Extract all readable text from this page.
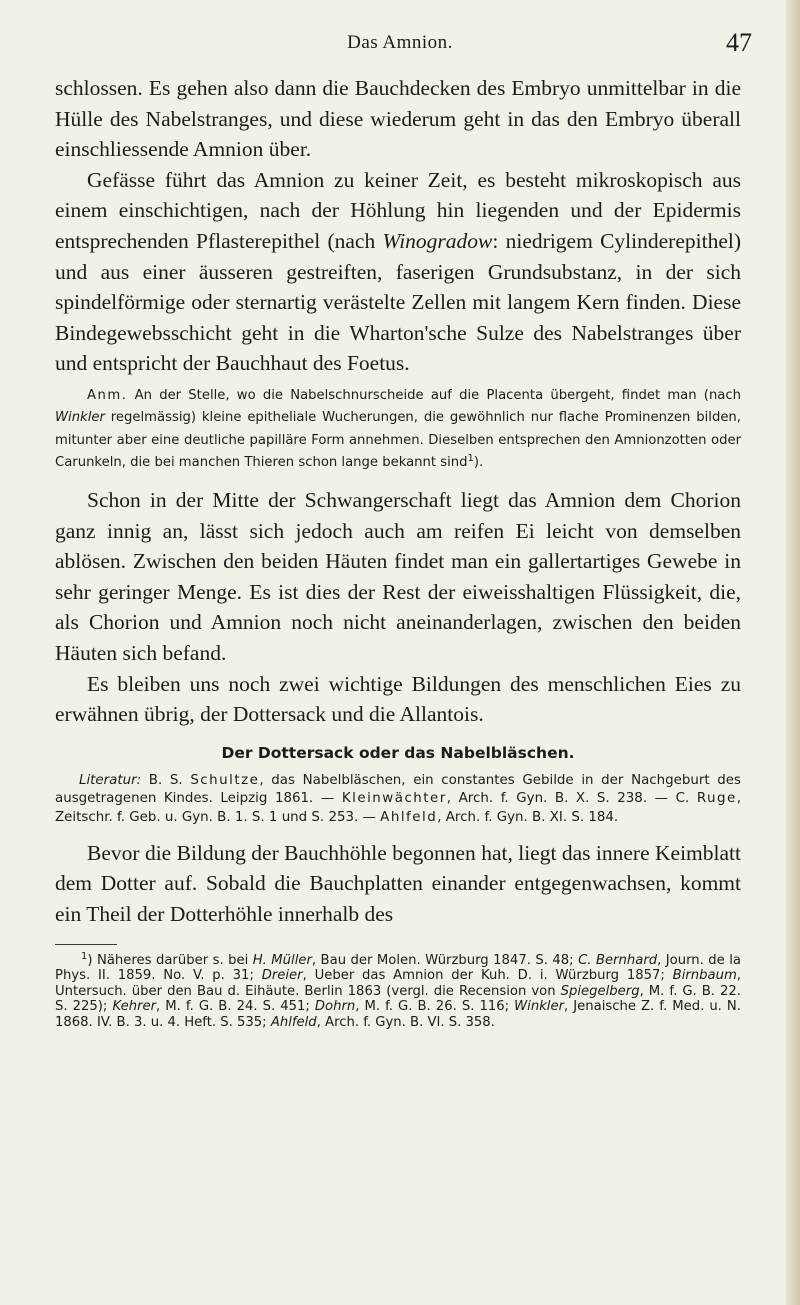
Das Amnion.	47

schlossen. Es gehen also dann die Bauchdecken des Embryo unmittelbar in die Hülle des Nabelstranges, und diese wiederum geht in das den Embryo überall einschliessende Amnion über.

Gefässe führt das Amnion zu keiner Zeit, es besteht mikroskopisch aus einem einschichtigen, nach der Höhlung hin liegenden und der Epidermis entsprechenden Pflasterepithel (nach Winogradow: niedrigem Cylinderepithel) und aus einer äusseren gestreiften, faserigen Grundsubstanz, in der sich spindelförmige oder sternartig verästelte Zellen mit langem Kern finden. Diese Bindegewebsschicht geht in die Wharton'sche Sulze des Nabelstranges über und entspricht der Bauchhaut des Foetus.

Anm. An der Stelle, wo die Nabelschnurscheide auf die Placenta übergeht, findet man (nach Winkler regelmässig) kleine epitheliale Wucherungen, die gewöhnlich nur flache Prominenzen bilden, mitunter aber eine deutliche papilläre Form annehmen. Dieselben entsprechen den Amnionzotten oder Carunkeln, die bei manchen Thieren schon lange bekannt sind$^1$).

Schon in der Mitte der Schwangerschaft liegt das Amnion dem Chorion ganz innig an, lässt sich jedoch auch am reifen Ei leicht von demselben ablösen. Zwischen den beiden Häuten findet man ein gallertartiges Gewebe in sehr geringer Menge. Es ist dies der Rest der eiweisshaltigen Flüssigkeit, die, als Chorion und Amnion noch nicht aneinanderlagen, zwischen den beiden Häuten sich befand.

Es bleiben uns noch zwei wichtige Bildungen des menschlichen Eies zu erwähnen übrig, der Dottersack und die Allantois.

Der Dottersack oder das Nabelbläschen.

Literatur: B. S. Schultze, das Nabelbläschen, ein constantes Gebilde in der Nachgeburt des ausgetragenen Kindes. Leipzig 1861. — Kleinwächter, Arch. f. Gyn. B. X. S. 238. — C. Ruge, Zeitschr. f. Geb. u. Gyn. B. 1. S. 1 und S. 253. — Ahlfeld, Arch. f. Gyn. B. XI. S. 184.

Bevor die Bildung der Bauchhöhle begonnen hat, liegt das innere Keimblatt dem Dotter auf. Sobald die Bauchplatten einander entgegenwachsen, kommt ein Theil der Dotterhöhle innerhalb des

$^1$) Näheres darüber s. bei H. Müller, Bau der Molen. Würzburg 1847. S. 48; C. Bernhard, Journ. de la Phys. II. 1859. No. V. p. 31; Dreier, Ueber das Amnion der Kuh. D. i. Würzburg 1857; Birnbaum, Untersuch. über den Bau d. Eihäute. Berlin 1863 (vergl. die Recension von Spiegelberg, M. f. G. B. 22. S. 225); Kehrer, M. f. G. B. 24. S. 451; Dohrn, M. f. G. B. 26. S. 116; Winkler, Jenaische Z. f. Med. u. N. 1868. IV. B. 3. u. 4. Heft. S. 535; Ahlfeld, Arch. f. Gyn. B. VI. S. 358.
